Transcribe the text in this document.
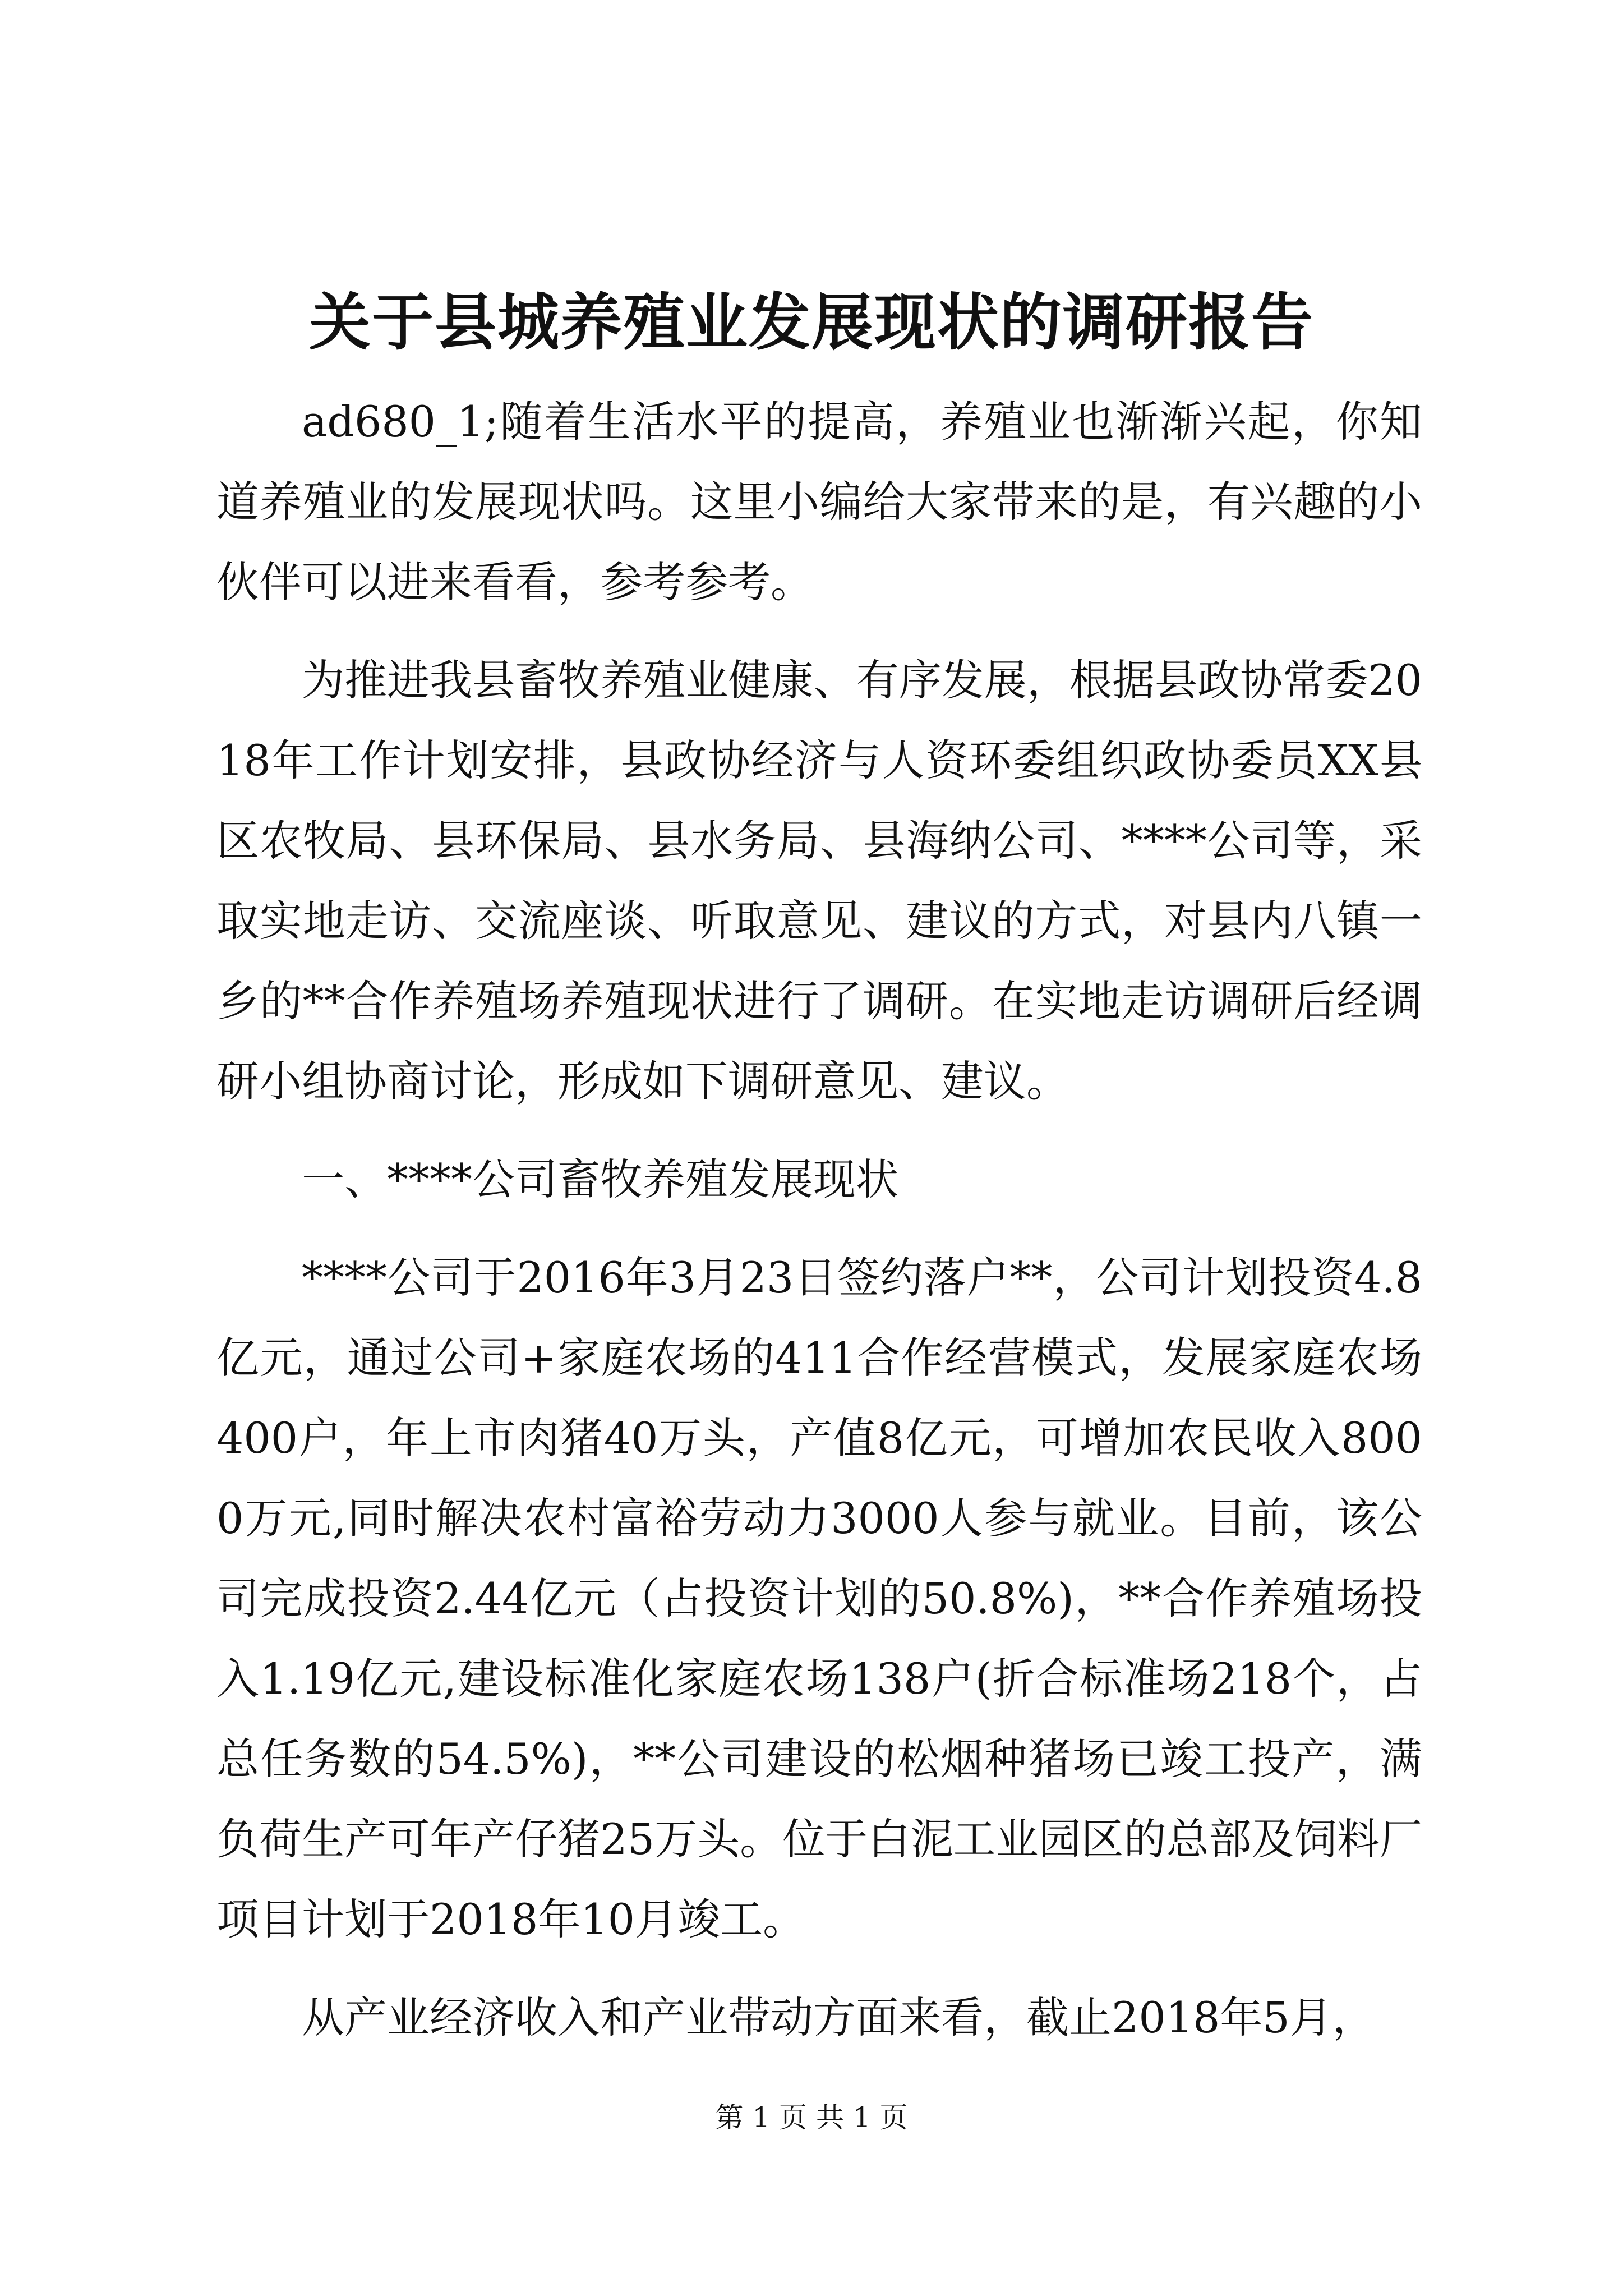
关于县城养殖业发展现状的调研报告

ad680_1;随着生活水平的提高，养殖业也渐渐兴起，你知道养殖业的发展现状吗。这里小编给大家带来的是，有兴趣的小伙伴可以进来看看，参考参考。

为推进我县畜牧养殖业健康、有序发展，根据县政协常委2018年工作计划安排，县政协经济与人资环委组织政协委员XX县区农牧局、县环保局、县水务局、县海纳公司、****公司等，采取实地走访、交流座谈、听取意见、建议的方式，对县内八镇一乡的**合作养殖场养殖现状进行了调研。在实地走访调研后经调研小组协商讨论，形成如下调研意见、建议。

一、****公司畜牧养殖发展现状

****公司于2016年3月23日签约落户**，公司计划投资4.8亿元，通过公司+家庭农场的411合作经营模式，发展家庭农场400户，年上市肉猪40万头，产值8亿元，可增加农民收入8000万元,同时解决农村富裕劳动力3000人参与就业。目前，该公司完成投资2.44亿元（占投资计划的50.8%)，**合作养殖场投入1.19亿元,建设标准化家庭农场138户(折合标准场218个，占总任务数的54.5%)，**公司建设的松烟种猪场已竣工投产，满负荷生产可年产仔猪25万头。位于白泥工业园区的总部及饲料厂项目计划于2018年10月竣工。

从产业经济收入和产业带动方面来看，截止2018年5月，

第 1 页 共 1 页
